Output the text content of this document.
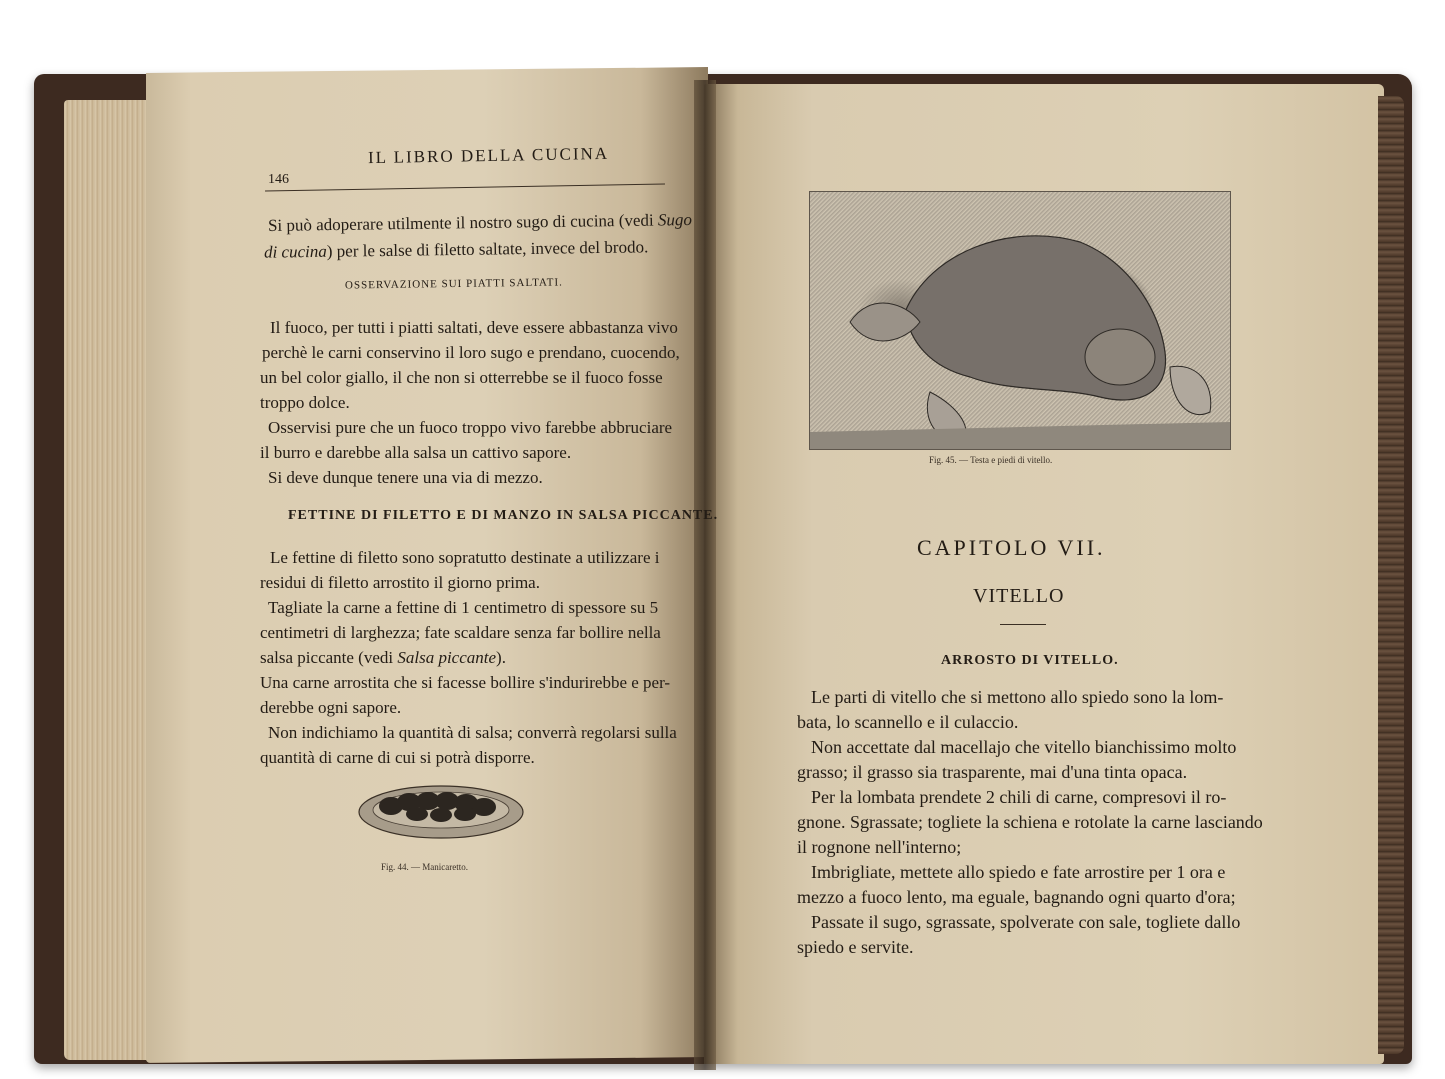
146
IL LIBRO DELLA CUCINA
Si può adoperare utilmente il nostro sugo di cucina (vedi Sugo
di cucina) per le salse di filetto saltate, invece del brodo.
OSSERVAZIONE SUI PIATTI SALTATI.
Il fuoco, per tutti i piatti saltati, deve essere abbastanza vivo
perchè le carni conservino il loro sugo e prendano, cuocendo,
un bel color giallo, il che non si otterrebbe se il fuoco fosse
troppo dolce.
Osservisi pure che un fuoco troppo vivo farebbe abbruciare
il burro e darebbe alla salsa un cattivo sapore.
Si deve dunque tenere una via di mezzo.
FETTINE DI FILETTO E DI MANZO IN SALSA PICCANTE.
Le fettine di filetto sono sopratutto destinate a utilizzare i
residui di filetto arrostito il giorno prima.
Tagliate la carne a fettine di 1 centimetro di spessore su 5
centimetri di larghezza; fate scaldare senza far bollire nella
salsa piccante (vedi Salsa piccante).
Una carne arrostita che si facesse bollire s'indurirebbe e per-
derebbe ogni sapore.
Non indichiamo la quantità di salsa; converrà regolarsi sulla
quantità di carne di cui si potrà disporre.
Fig. 44. — Manicaretto.
Fig. 45. — Testa e piedi di vitello.
CAPITOLO VII.
VITELLO
ARROSTO DI VITELLO.
Le parti di vitello che si mettono allo spiedo sono la lom-
bata, lo scannello e il culaccio.
Non accettate dal macellajo che vitello bianchissimo molto
grasso; il grasso sia trasparente, mai d'una tinta opaca.
Per la lombata prendete 2 chili di carne, compresovi il ro-
gnone. Sgrassate; togliete la schiena e rotolate la carne lasciando
il rognone nell'interno;
Imbrigliate, mettete allo spiedo e fate arrostire per 1 ora e
mezzo a fuoco lento, ma eguale, bagnando ogni quarto d'ora;
Passate il sugo, sgrassate, spolverate con sale, togliete dallo
spiedo e servite.
